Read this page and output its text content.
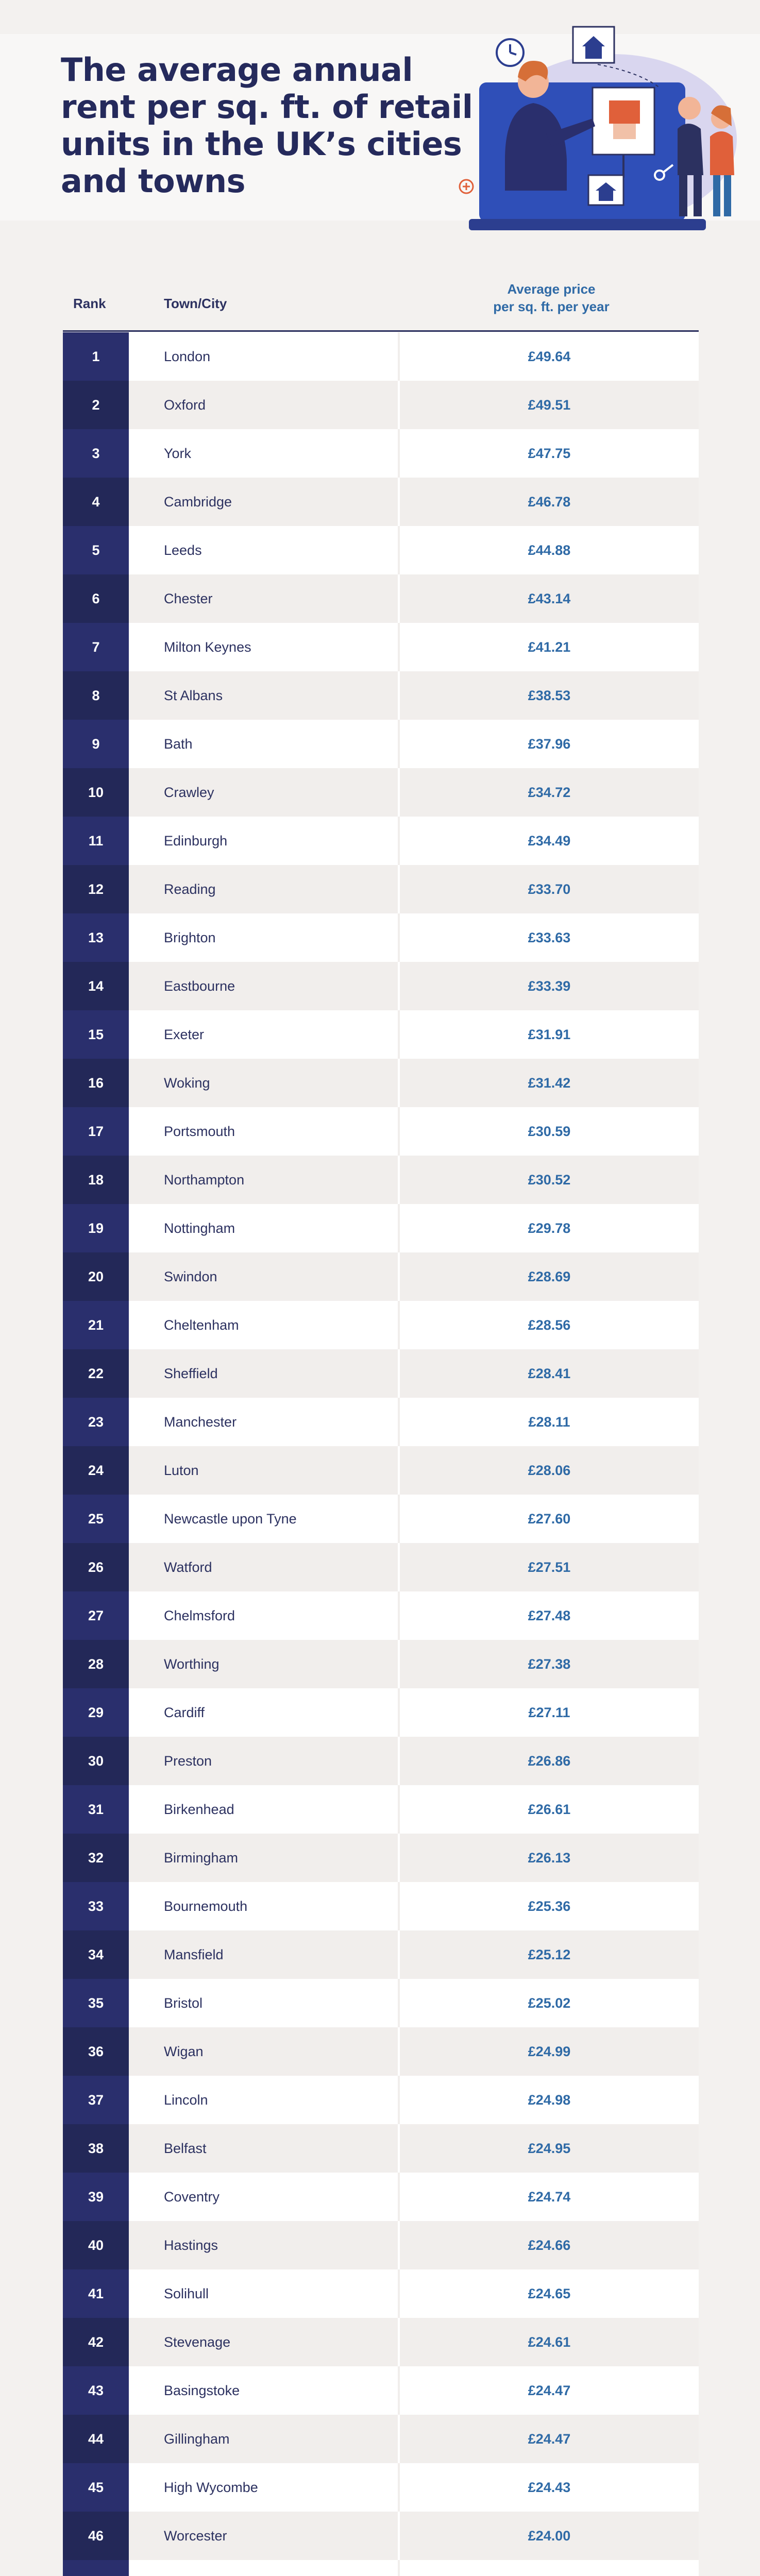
The average annual rent per sq. ft. of retail units in the UK’s cities and towns
Rank	Town/City
Average price
per sq. ft. per year
1	London	£49.64
2	Oxford	£49.51
3	York	£47.75
4	Cambridge	£46.78
5	Leeds	£44.88
6	Chester	£43.14
7	Milton Keynes	£41.21
8	St Albans	£38.53
9	Bath	£37.96
10	Crawley	£34.72
11	Edinburgh	£34.49
12	Reading	£33.70
13	Brighton	£33.63
14	Eastbourne	£33.39
15	Exeter	£31.91
16	Woking	£31.42
17	Portsmouth	£30.59
18	Northampton	£30.52
19	Nottingham	£29.78
20	Swindon	£28.69
21	Cheltenham	£28.56
22	Sheffield	£28.41
23	Manchester	£28.11
24	Luton	£28.06
25	Newcastle upon Tyne	£27.60
26	Watford	£27.51
27	Chelmsford	£27.48
28	Worthing	£27.38
29	Cardiff	£27.11
30	Preston	£26.86
31	Birkenhead	£26.61
32	Birmingham	£26.13
33	Bournemouth	£25.36
34	Mansfield	£25.12
35	Bristol	£25.02
36	Wigan	£24.99
37	Lincoln	£24.98
38	Belfast	£24.95
39	Coventry	£24.74
40	Hastings	£24.66
41	Solihull	£24.65
42	Stevenage	£24.61
43	Basingstoke	£24.47
44	Gillingham	£24.47
45	High Wycombe	£24.43
46	Worcester	£24.00
